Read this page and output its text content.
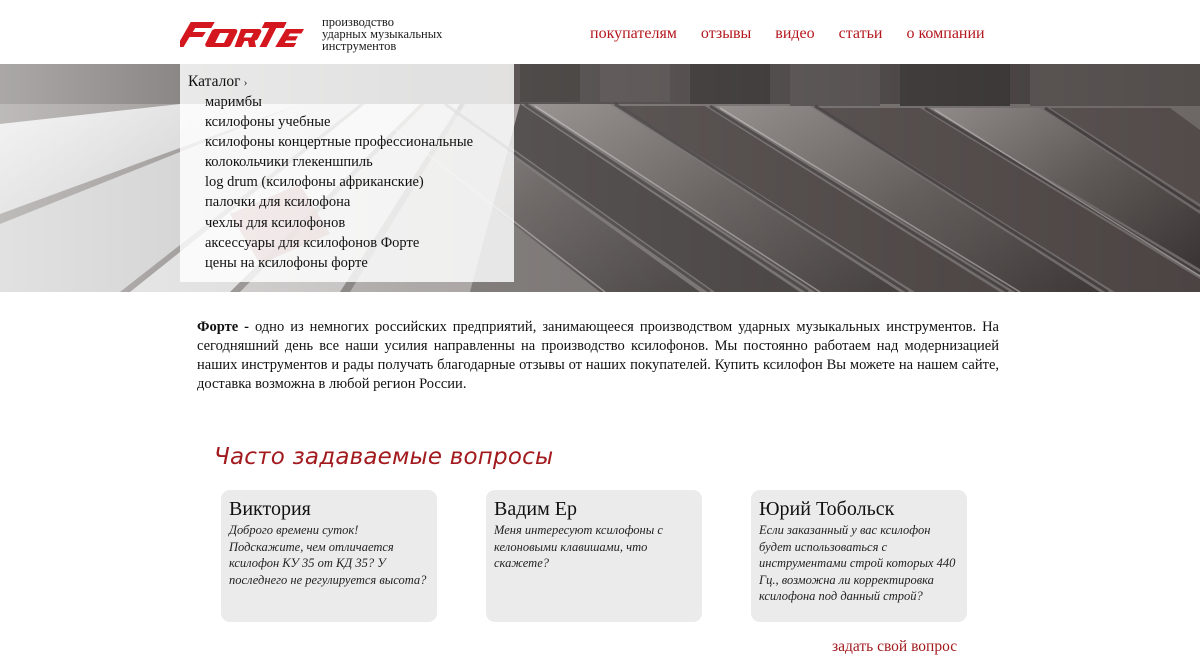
производство
ударных музыкальных
инструментов
покупателям отзывы видео статьи о компании
Каталог ›
маримбы
ксилофоны учебные
ксилофоны концертные профессиональные
колокольчики глекеншпиль
log drum (ксилофоны африканские)
палочки для ксилофона
чехлы для ксилофонов
аксессуары для ксилофонов Форте
цены на ксилофоны форте
Форте - одно из немногих российских предприятий, занимающееся производством ударных музыкальных инструментов. На сегодняшний день все наши усилия направленны на производство ксилофонов. Мы постоянно работаем над модернизацией наших инструментов и рады получать благодарные отзывы от наших покупателей. Купить ксилофон Вы можете на нашем сайте, доставка возможна в любой регион России.
Часто задаваемые вопросы
Виктория
Доброго времени суток! Подскажите, чем отличается ксилофон КУ 35 от КД 35? У последнего не регулируется высота?
Вадим Ер
Меня интересуют ксилофоны с келоновыми клавишами, что скажете?
Юрий Тобольск
Если заказанный у вас ксилофон будет использоваться с инструментами строй которых 440 Гц., возможна ли корректировка ксилофона под данный строй?
задать свой вопрос
